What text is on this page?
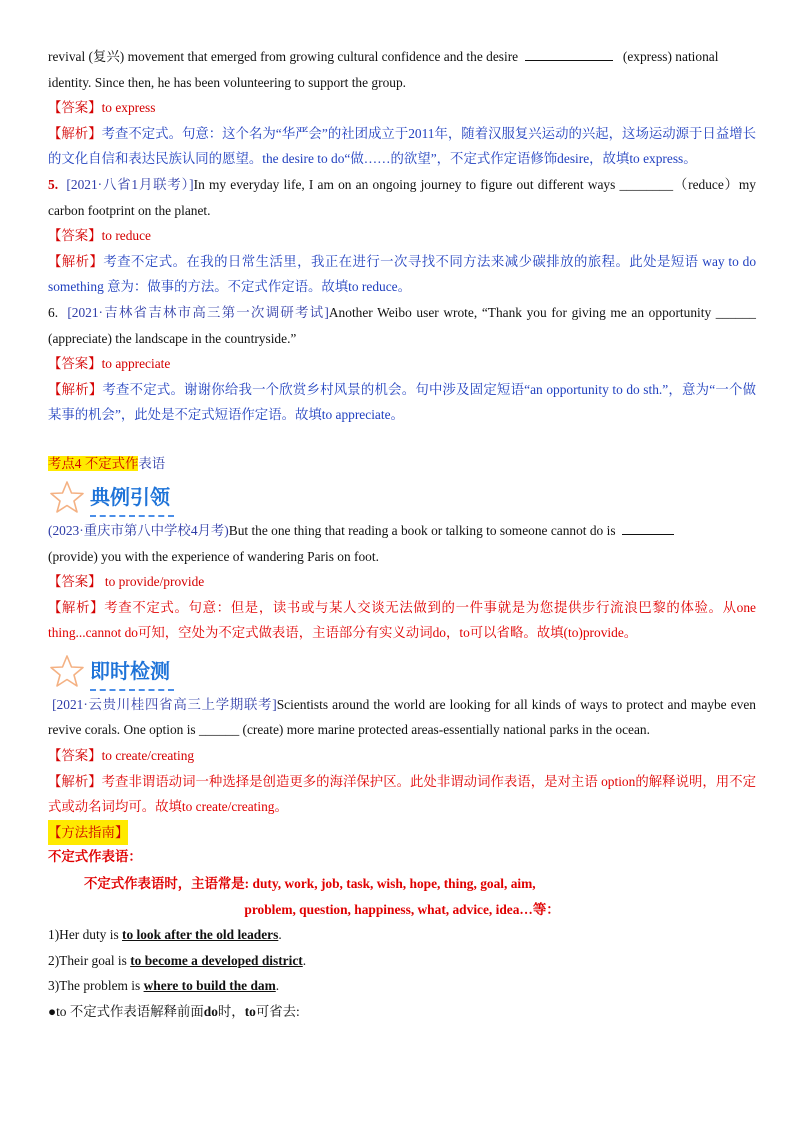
revival (复兴) movement that emerged from growing cultural confidence and the desire	(express) national
identity. Since then, he has been volunteering to support the group.

【答案】to express

【解析】考查不定式。句意：这个名为“华严会”的社团成立于2011年，随着汉服复兴运动的兴起，这场运动源于日益增长的文化自信和表达民族认同的愿望。the desire to do“做……的欲望”，不定式作定语修饰desire，故填to express。

5. [2021·八省1月联考）]In my everyday life, I am on an ongoing journey to figure out different ways ________（reduce）my carbon footprint on the planet.

【答案】to reduce

【解析】考查不定式。在我的日常生活里，我正在进行一次寻找不同方法来减少碳排放的旅程。此处是短语 way to do something 意为：做事的方法。不定式作定语。故填to reduce。

6. [2021·吉林省吉林市高三第一次调研考试]Another Weibo user wrote, “Thank you for giving me an opportunity ______ (appreciate) the landscape in the countryside.”

【答案】to appreciate

【解析】考查不定式。谢谢你给我一个欣赏乡村风景的机会。句中涉及固定短语“an opportunity to do sth.”，意为“一个做某事的机会”，此处是不定式短语作定语。故填to appreciate。

考点4 不定式作表语
典例引领

(2023·重庆市第八中学校4月考)But the one thing that reading a book or talking to someone cannot do is
(provide) you with the experience of wandering Paris on foot.

【答案】 to provide/provide

【解析】考查不定式。句意：但是，读书或与某人交谈无法做到的一件事就是为您提供步行流浪巴黎的体验。从one thing...cannot do可知，空处为不定式做表语，主语部分有实义动词do，to可以省略。故填(to)provide。

即时检测

[2021·云贵川桂四省高三上学期联考]Scientists around the world are looking for all kinds of ways to protect and maybe even revive corals. One option is ______ (create) more marine protected areas-essentially national parks in the ocean.

【答案】to create/creating

【解析】考查非谓语动词一种选择是创造更多的海洋保护区。此处非谓动词作表语，是对主语 option的解释说明，用不定式或动名词均可。故填to create/creating。

【方法指南】

不定式作表语：

不定式作表语时，主语常是: duty, work, job, task, wish, hope, thing, goal, aim,

problem, question, happiness, what, advice, idea…等：

1)Her duty is to look after the old leaders.

2)Their goal is to become a developed district.

3)The problem is where to build the dam.

●to 不定式作表语解释前面do时，to可省去:
